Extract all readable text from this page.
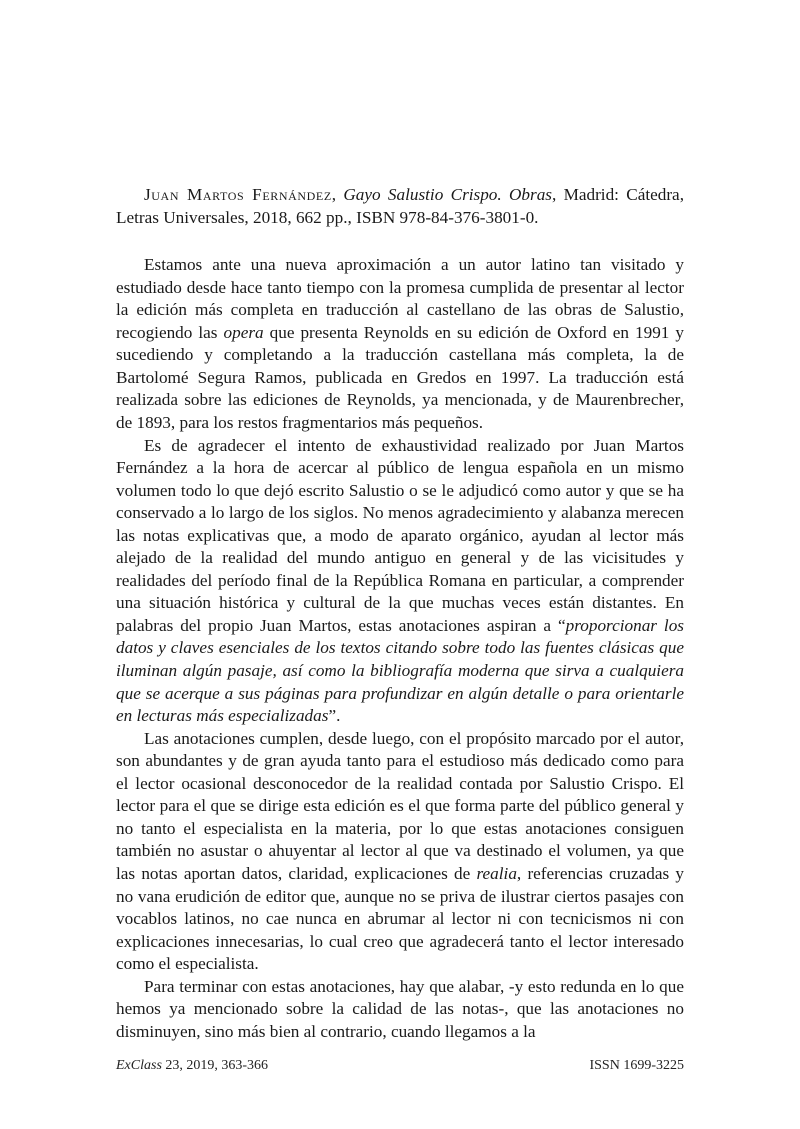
Juan Martos Fernández, Gayo Salustio Crispo. Obras, Madrid: Cátedra, Letras Universales, 2018, 662 pp., ISBN 978-84-376-3801-0.

Estamos ante una nueva aproximación a un autor latino tan visitado y estudiado desde hace tanto tiempo con la promesa cumplida de presentar al lector la edición más completa en traducción al castellano de las obras de Salustio, recogiendo las opera que presenta Reynolds en su edición de Oxford en 1991 y sucediendo y completando a la traducción castellana más completa, la de Bartolomé Segura Ramos, publicada en Gredos en 1997. La traducción está realizada sobre las ediciones de Reynolds, ya mencionada, y de Maurenbrecher, de 1893, para los restos fragmentarios más pequeños.

Es de agradecer el intento de exhaustividad realizado por Juan Martos Fernández a la hora de acercar al público de lengua española en un mismo volumen todo lo que dejó escrito Salustio o se le adjudicó como autor y que se ha conservado a lo largo de los siglos. No menos agradecimiento y alabanza merecen las notas explicativas que, a modo de aparato orgánico, ayudan al lector más alejado de la realidad del mundo antiguo en general y de las vicisitudes y realidades del período final de la República Romana en particular, a comprender una situación histórica y cultural de la que muchas veces están distantes. En palabras del propio Juan Martos, estas anotaciones aspiran a “proporcionar los datos y claves esenciales de los textos citando sobre todo las fuentes clásicas que iluminan algún pasaje, así como la bibliografía moderna que sirva a cualquiera que se acerque a sus páginas para profundizar en algún detalle o para orientarle en lecturas más especializadas”.

Las anotaciones cumplen, desde luego, con el propósito marcado por el autor, son abundantes y de gran ayuda tanto para el estudioso más dedicado como para el lector ocasional desconocedor de la realidad contada por Salustio Crispo. El lector para el que se dirige esta edición es el que forma parte del público general y no tanto el especialista en la materia, por lo que estas anotaciones consiguen también no asustar o ahuyentar al lector al que va destinado el volumen, ya que las notas aportan datos, claridad, explicaciones de realia, referencias cruzadas y no vana erudición de editor que, aunque no se priva de ilustrar ciertos pasajes con vocablos latinos, no cae nunca en abrumar al lector ni con tecnicismos ni con explicaciones innecesarias, lo cual creo que agradecerá tanto el lector interesado como el especialista.

Para terminar con estas anotaciones, hay que alabar, -y esto redunda en lo que hemos ya mencionado sobre la calidad de las notas-, que las anotaciones no disminuyen, sino más bien al contrario, cuando llegamos a la

ExClass 23, 2019, 363-366	ISSN 1699-3225
